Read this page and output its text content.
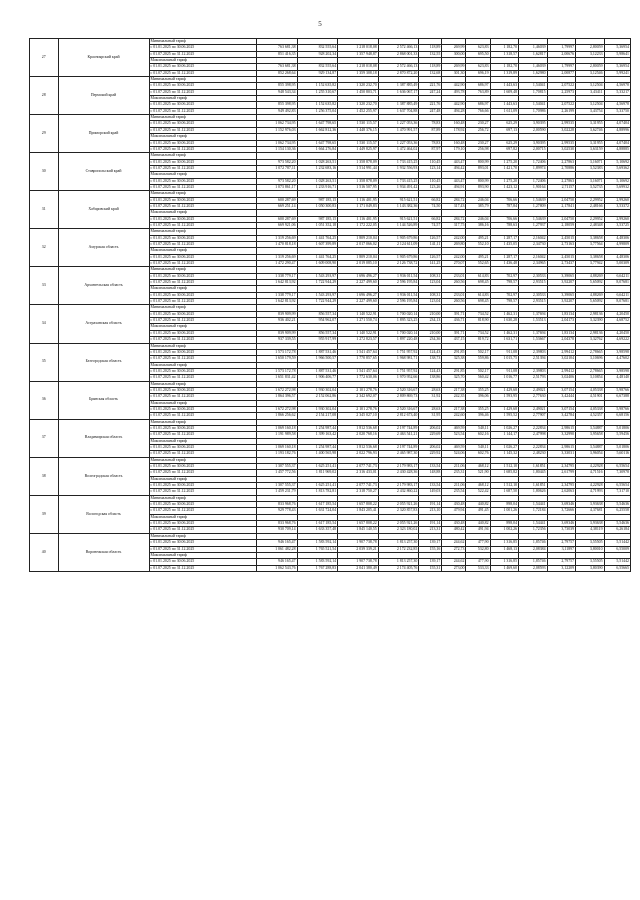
5
27	Красноярский край	Минимальный тариф												
		с 01.01.2025 по 30.06.2025	763 681,38	832 555,64	1 218 018,08	2 572 466,13	118,89	269,99	623,83	1 182,70	1,46039	1,79997	2,80059	5,36954
		с 01.07.2025 по 31.12.2025	851 416,35	928 202,34	1 357 948,87	2 868 001,33	132,55	300,00	695,50	1 318,57	1,62817	2,00676	3,12233	5,98641
		Максимальный тариф												
		с 01.01.2025 по 30.06.2025	763 681,38	832 555,64	1 218 018,08	2 572 466,13	118,89	269,99	623,83	1 182,70	1,46039	1,79997	2,80059	5,36954
		с 01.07.2025 по 31.12.2025	852 268,64	929 134,87	1 359 308,18	2 870 872,20	132,68	301,30	696,19	1 319,89	1,62980	2,00877	3,12546	5,99241
28	Пермский край	Минимальный тариф												
		с 01.01.2025 по 30.06.2025	855 398,95	1 152 635,82	1 320 232,70	1 387 885,49	221,76	442,90	686,97	1 443,63	1,54041	2,07522	3,12504	4,56978
		с 01.07.2025 по 31.12.2025	948 543,34	1 255 310,67	1 450 803,71	1 636 067,17	247,24	493,78	763,89	1 609,48	1,70815	2,25973	3,43411	5,33217
		Максимальный тариф												
		с 01.01.2025 по 30.06.2025	855 398,95	1 152 635,82	1 320 232,70	1 387 885,49	221,76	442,90	686,97	1 443,63	1,54041	2,07522	3,12504	4,56978
		с 01.07.2025 по 31.12.2025	949 492,83	1 256 375,04	1 452 255,97	1 637 704,88	247,48	494,28	766,66	1 611,09	1,70986	2,26199	3,43754	5,33750
29	Приморский край	Минимальный тариф												
		с 01.01.2025 по 30.06.2025	1 062 734,95	1 647 798,65	1 530 115,57	1 227 053,36	78,83	160,48	230,27	625,29	3,90395	2,99535	3,31955	4,07404
		с 01.07.2025 по 31.12.2025	1 152 976,03	1 662 812,36	1 448 376,15	1 470 991,57	87,89	178,92	256,72	697,13	2,00590	3,02228	3,62746	4,88996
		Максимальный тариф												
		с 01.01.2025 по 30.06.2025	1 062 734,95	1 647 798,65	1 530 115,57	1 227 053,36	78,83	160,48	230,27	625,29	3,90395	2,99535	3,31955	4,07404
		с 01.07.2025 по 31.12.2025	1 154 130,36	1 664 276,84	1 449 825,97	1 472 464,02	87,97	179,10	256,98	697,82	2,00715	3,02530	3,63159	4,88885
30	Ставропольский край	Минимальный тариф												
		с 01.01.2025 по 30.06.2025	973 582,20	1 028 263,51	1 358 878,09	1 733 415,25	110,45	443,47	800,99	1 275,20	1,72406	2,27863	3,16071	5,10692
		с 01.07.2025 по 31.12.2025	1 072 787,11	1 232 683,16	1 514 991,44	1 932 556,93	123,14	494,42	893,01	1 421,70	1,89974	2,70886	3,52383	5,69362
		Максимальный тариф												
		с 01.01.2025 по 30.06.2025	973 582,20	1 028 263,51	1 358 878,09	1 733 415,25	110,45	443,47	800,99	1 275,20	1,72406	2,27863	3,16071	5,10692
		с 01.07.2025 по 31.12.2025	1 073 861,17	1 233 916,71	1 516 507,95	1 934 491,42	123,26	494,91	893,90	1 423,12	1,90164	2,71157	3,52735	5,69932
31	Хабаровский край	Минимальный тариф												
		с 01.01.2025 по 30.06.2025	600 287,69	987 185,15	1 116 401,95	915 621,51	66,82	284,72	246,04	706,66	1,54639	2,04750	2,29952	2,99260
		с 01.07.2025 по 31.12.2025	669 251,14	1 050 300,83	1 171 049,83	1 143 382,36	74,50	317,43	385,79	787,84	1,27809	2,17841	2,48166	3,53372
		Максимальный тариф												
		с 01.01.2025 по 30.06.2025	600 287,69	987 185,15	1 116 401,95	915 621,51	66,82	284,72	246,04	706,66	1,54639	2,04750	2,29952	2,99260
		с 01.07.2025 по 31.12.2025	669 921,06	1 051 352,18	1 172 222,05	1 144 526,89	74,57	317,75	386,16	788,63	1,27937	2,18059	2,48348	3,53725
32	Амурская область	Минимальный тариф												
		с 01.01.2025 по 30.06.2025	1 319 256,69	1 441 764,25	1 809 210,04	1 905 679,86	126,57	242,00	495,21	1 287,17	2,16042	2,45015	3,38658	4,48306
		с 01.07.2025 по 31.12.2025	1 470 818,18	1 607 399,89	2 017 066,02	2 124 611,09	141,11	269,80	552,10	1 435,05	2,34730	2,73163	3,77564	4,99809
		Максимальный тариф												
		с 01.01.2025 по 30.06.2025	1 319 256,69	1 441 764,25	1 809 210,04	1 905 679,86	126,57	242,00	495,21	1 287,17	2,16042	2,45015	3,38658	4,48306
		с 01.07.2025 по 31.12.2025	1 472 290,47	1 609 008,90	2 019 085,10	2 126 738,72	141,25	270,07	552,65	1 436,48	2,34965	2,73437	3,77942	5,00309
33	Архангельская область	Минимальный тариф												
		с 01.01.2025 по 30.06.2025	1 338 779,17	1 543 293,97	1 696 496,27	1 936 011,54	108,31	233,01	614,83	702,97	2,30533	3,39065	4,88269	6,64211
		с 01.07.2025 по 31.12.2025	1 642 813,92	1 722 944,29	2 227 499,60	2 596 195,84	123,04	260,56	698,45	798,57	2,93515	3,92207	5,65092	8,07681
		Максимальный тариф												
		с 01.01.2025 по 30.06.2025	1 338 779,17	1 543 293,97	1 696 496,27	1 936 011,54	108,31	233,01	614,83	702,97	2,30533	3,39065	4,88269	6,64211
		с 01.07.2025 по 31.12.2025	1 642 813,92	1 722 944,29	2 227 499,60	2 596 195,84	123,04	260,56	698,45	798,57	2,93515	3,92207	5,65092	8,07681
34	Астраханская область	Минимальный тариф												
		с 01.01.2025 по 30.06.2025	839 909,99	856 557,34	1 140 522,91	1 700 020,14	210,00	391,71	734,52	1 462,31	1,37694	1,83134	2,98136	4,20450
		с 01.07.2025 по 31.12.2025	936 402,21	954 962,07	1 271 550,74	1 895 323,25	234,13	436,71	818,90	1 630,28	1,53513	2,04173	3,32390	4,68752
		Максимальный тариф												
		с 01.01.2025 по 30.06.2025	839 909,99	856 557,34	1 140 522,91	1 700 020,14	210,00	391,71	734,52	1 462,31	1,37694	1,83134	2,98136	4,20450
		с 01.07.2025 по 31.12.2025	937 339,55	955 917,99	1 272 823,57	1 897 220,48	234,36	437,15	819,72	1 631,71	1,53667	2,04378	3,32762	4,69222
35	Белгородская область	Минимальный тариф												
		с 01.01.2025 по 30.06.2025	1 573 172,78	1 887 531,46	1 541 457,64	1 751 957,92	124,43	291,85	502,17	911,08	2,39803	2,99412	2,78665	3,98598
		с 01.07.2025 по 31.12.2025	1 650 179,59	1 966 500,57	1 770 857,65	1 968 981,71	138,73	325,38	559,86	1 015,75	2,51394	3,02104	3,10696	4,47602
		Максимальный тариф												
		с 01.01.2025 по 30.06.2025	1 573 172,78	1 887 531,46	1 541 457,64	1 751 957,92	124,43	291,85	502,17	911,08	2,39803	2,99412	2,78665	3,98598
		с 01.07.2025 по 31.12.2025	1 651 831,42	1 906 406,77	1 772 630,06	1 970 952,66	138,86	325,70	560,42	1 016,77	2,51793	3,02406	3,10854	4,48140
36	Брянская область	Минимальный тариф												
		с 01.01.2025 по 30.06.2025	1 672 272,98	1 930 302,04	2 101 278,76	2 520 316,67	28,63	217,38	355,25	1 429,68	2,49021	3,07154	4,05338	5,98766
		с 01.07.2025 по 31.12.2025	1 864 396,57	2 152 062,86	2 342 692,07	2 809 869,73	31,92	242,35	396,06	1 593,95	2,77630	3,42444	4,51901	6,67388
		Максимальный тариф												
		с 01.01.2025 по 30.06.2025	1 672 272,98	1 930 302,04	2 101 278,76	2 520 316,67	28,63	217,38	355,25	1 429,68	2,49021	3,07154	4,05338	5,98766
		с 01.07.2025 по 31.12.2025	1 866 256,62	2 154 217,08	2 345 027,10	2 812 673,40	31,95	242,60	396,46	1 595,52	2,77907	3,42784	4,52357	6,68156
37	Владимирская область	Минимальный тариф												
		с 01.01.2025 по 30.06.2025	1 069 160,18	1 254 987,44	1 812 536,68	2 197 744,89	206,02	469,59	540,11	1 026,27	2,22834	2,98615	3,54887	5,01806
		с 01.07.2025 по 31.12.2025	1 191 989,58	1 399 163,42	2 020 768,16	2 463 541,21	229,69	523,54	602,16	1 144,17	2,47998	3,32990	3,95658	5,59456
		Максимальный тариф												
		с 01.01.2025 по 30.06.2025	1 069 160,18	1 254 987,44	1 812 536,68	2 197 744,89	206,02	469,59	540,11	1 026,27	2,22834	2,98615	3,54887	5,01806
		с 01.07.2025 по 31.12.2025	1 193 182,76	1 400 565,98	2 022 796,93	2 465 987,30	229,92	524,06	602,76	1 145,32	2,48230	3,33031	3,96054	5,60116
38	Волгоградская область	Минимальный тариф												
		с 01.01.2025 по 30.06.2025	1 307 555,37	1 625 251,41	2 077 741,73	2 179 983,17	133,54	211,06	468,12	1 512,10	1,61851	2,34795	4,22928	6,55654
		с 01.07.2025 по 31.12.2025	1 457 772,56	1 811 969,02	2 316 433,01	2 430 428,36	148,88	235,31	521,90	1 685,82	1,80445	2,61799	4,71516	7,30978
		Максимальный тариф												
		с 01.01.2025 по 30.06.2025	1 307 555,37	1 625 251,41	2 077 741,73	2 179 983,17	133,54	211,06	468,12	1 512,10	1,61851	2,34795	4,22928	6,55654
		с 01.07.2025 по 31.12.2025	1 459 231,79	1 813 782,81	2 318 750,27	2 432 860,22	149,03	235,54	522,42	1 687,50	1,80626	2,62063	4,71993	7,31710
39	Вологодская область	Минимальный тариф												
		с 01.01.2025 по 30.06.2025	833 968,76	1 617 185,54	1 657 808,22	2 055 921,26	191,14	430,48	440,82	898,04	1,54441	3,69346	3,93638	5,54636
		с 01.07.2025 по 31.12.2025	929 778,43	1 631 724,04	1 843 205,41	2 320 857,83	213,10	479,94	491,45	1 001,26	1,72184	3,72666	4,37681	6,25558
		Максимальный тариф												
		с 01.01.2025 по 30.06.2025	833 968,76	1 617 185,54	1 657 808,22	2 055 921,26	191,14	430,48	440,82	898,04	1,54441	3,69346	3,93638	5,54636
		с 01.07.2025 по 31.12.2025	930 709,14	1 633 357,48	1 845 140,55	2 323 180,02	213,31	480,42	491,94	1 002,26	1,72356	3,73039	4,38119	6,26184
40	Воронежская область	Минимальный тариф												
		с 01.01.2025 по 30.06.2025	946 165,47	1 583 592,14	1 907 738,78	1 813 257,30	139,17	244,62	477,90	1 316,85	1,85746	2,79757	3,55505	5,51442
		с 01.07.2025 по 31.12.2025	1 061 482,28	1 765 521,54	2 039 339,21	2 172 232,85	155,16	272,73	532,80	1 468,13	2,08384	3,11897	3,80010	6,55009
		Максимальный тариф												
		с 01.01.2025 по 30.06.2025	946 165,47	1 583 592,14	1 907 738,78	1 813 257,30	139,17	244,62	477,90	1 316,85	1,85746	2,79757	3,55505	5,51442
		с 01.07.2025 по 31.12.2025	1 062 543,76	1 767 288,83	2 041 380,49	2 174 405,76	155,31	273,00	533,33	1 469,60	2,08593	3,12209	3,80390	6,55665
